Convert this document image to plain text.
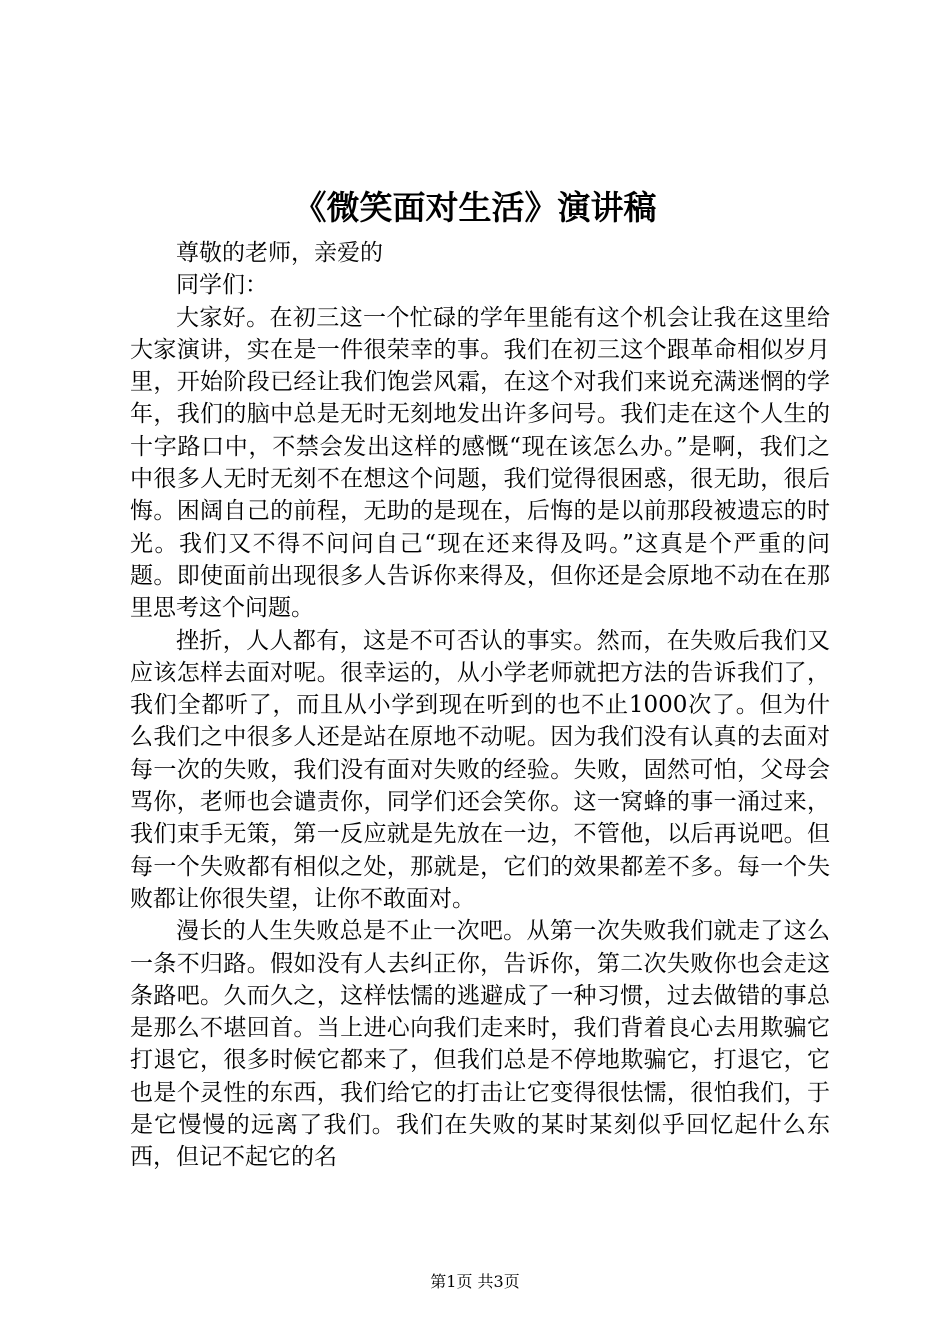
《微笑面对生活》演讲稿

尊敬的老师，亲爱的

同学们：

大家好。在初三这一个忙碌的学年里能有这个机会让我在这里给大家演讲，实在是一件很荣幸的事。我们在初三这个跟革命相似岁月里，开始阶段已经让我们饱尝风霜，在这个对我们来说充满迷惘的学年，我们的脑中总是无时无刻地发出许多问号。我们走在这个人生的十字路口中，不禁会发出这样的感慨“现在该怎么办。”是啊，我们之中很多人无时无刻不在想这个问题，我们觉得很困惑，很无助，很后悔。困阔自己的前程，无助的是现在，后悔的是以前那段被遗忘的时光。我们又不得不问问自己“现在还来得及吗。”这真是个严重的问题。即使面前出现很多人告诉你来得及，但你还是会原地不动在在那里思考这个问题。

挫折，人人都有，这是不可否认的事实。然而，在失败后我们又应该怎样去面对呢。很幸运的，从小学老师就把方法的告诉我们了，我们全都听了，而且从小学到现在听到的也不止1000次了。但为什么我们之中很多人还是站在原地不动呢。因为我们没有认真的去面对每一次的失败，我们没有面对失败的经验。失败，固然可怕，父母会骂你，老师也会谴责你，同学们还会笑你。这一窝蜂的事一涌过来，我们束手无策，第一反应就是先放在一边，不管他，以后再说吧。但每一个失败都有相似之处，那就是，它们的效果都差不多。每一个失败都让你很失望，让你不敢面对。

漫长的人生失败总是不止一次吧。从第一次失败我们就走了这么一条不归路。假如没有人去纠正你，告诉你，第二次失败你也会走这条路吧。久而久之，这样怯懦的逃避成了一种习惯，过去做错的事总是那么不堪回首。当上进心向我们走来时，我们背着良心去用欺骗它打退它，很多时候它都来了，但我们总是不停地欺骗它，打退它，它也是个灵性的东西，我们给它的打击让它变得很怯懦，很怕我们，于是它慢慢的远离了我们。我们在失败的某时某刻似乎回忆起什么东西，但记不起它的名

第1页 共3页
